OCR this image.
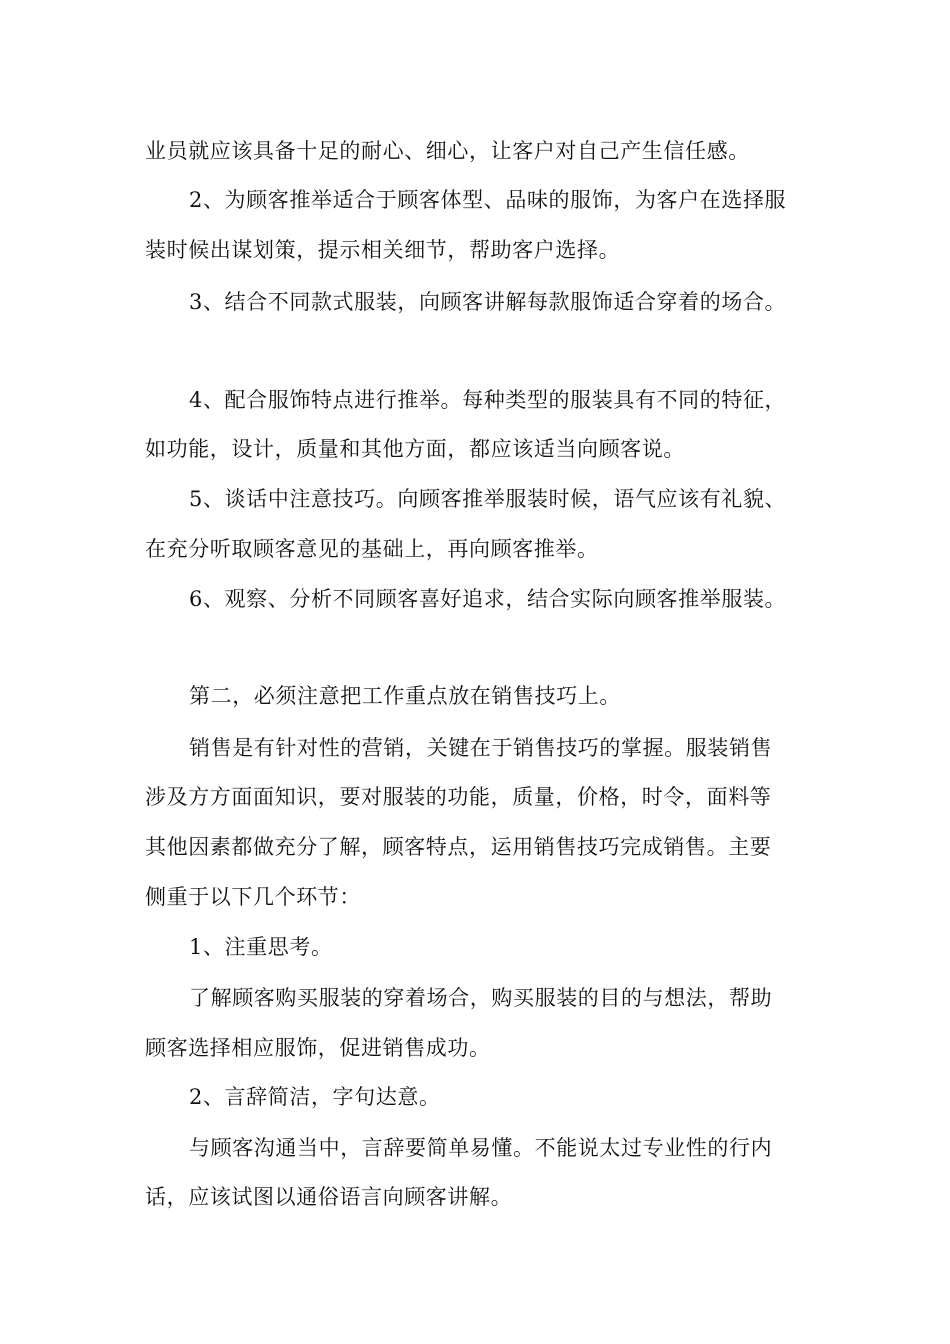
业员就应该具备十足的耐心、细心，让客户对自己产生信任感。

2、为顾客推举适合于顾客体型、品味的服饰，为客户在选择服

装时候出谋划策，提示相关细节，帮助客户选择。

3、结合不同款式服装，向顾客讲解每款服饰适合穿着的场合。

4、配合服饰特点进行推举。每种类型的服装具有不同的特征，

如功能，设计，质量和其他方面，都应该适当向顾客说。

5、谈话中注意技巧。向顾客推举服装时候，语气应该有礼貌、

在充分听取顾客意见的基础上，再向顾客推举。

6、观察、分析不同顾客喜好追求，结合实际向顾客推举服装。

第二，必须注意把工作重点放在销售技巧上。

销售是有针对性的营销，关键在于销售技巧的掌握。服装销售

涉及方方面面知识，要对服装的功能，质量，价格，时令，面料等

其他因素都做充分了解，顾客特点，运用销售技巧完成销售。主要

侧重于以下几个环节：

1、注重思考。

了解顾客购买服装的穿着场合，购买服装的目的与想法，帮助

顾客选择相应服饰，促进销售成功。

2、言辞简洁，字句达意。

与顾客沟通当中，言辞要简单易懂。不能说太过专业性的行内

话，应该试图以通俗语言向顾客讲解。
